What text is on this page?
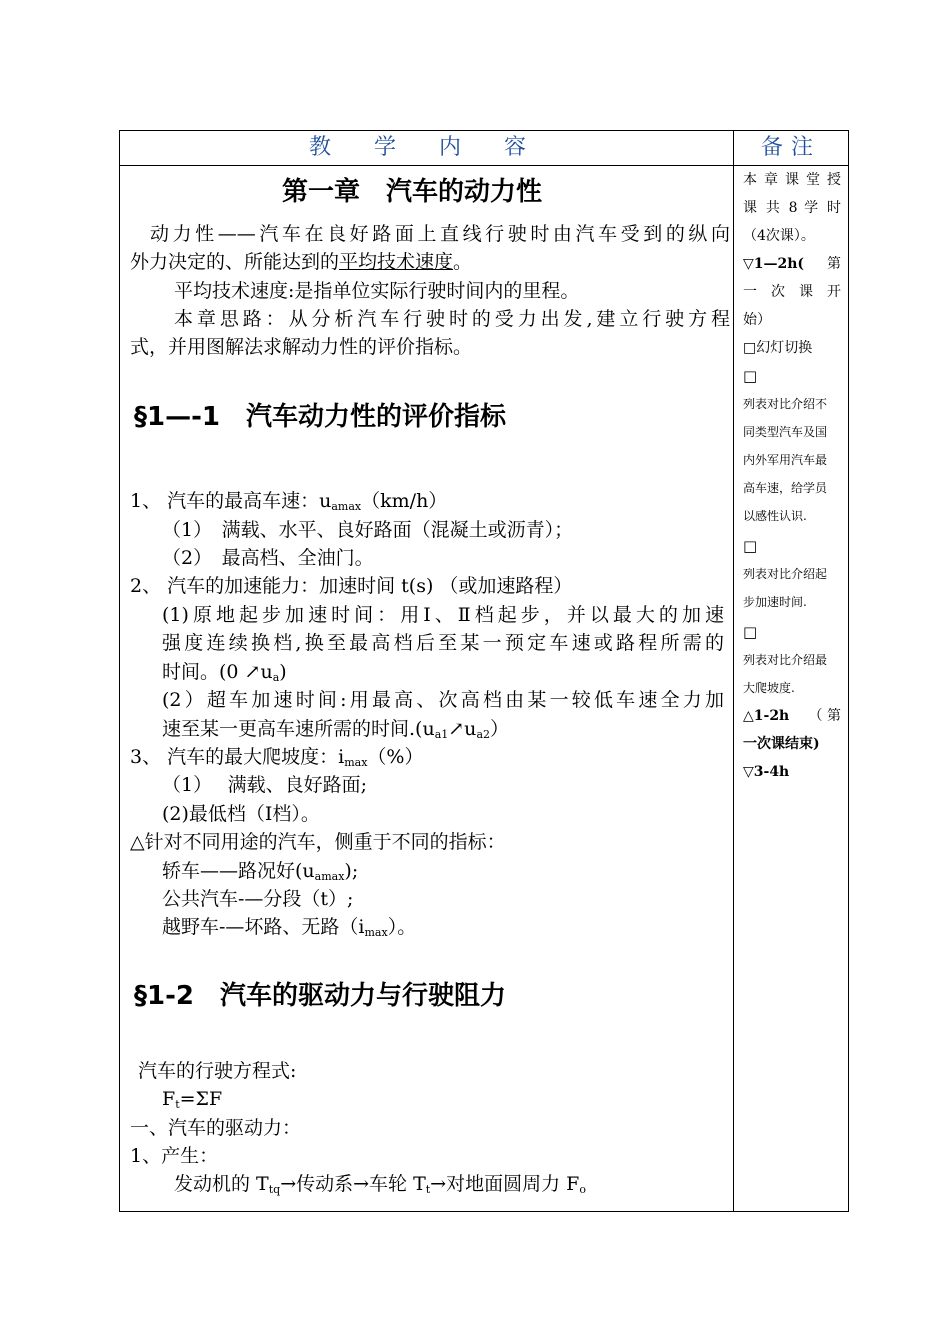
教 学 内 容	备注
第一章　汽车的动力性
动力性——汽车在良好路面上直线行驶时由汽车受到的纵向
外力决定的、所能达到的平均技术速度。
平均技术速度:是指单位实际行驶时间内的里程。
本章思路：从分析汽车行驶时的受力出发,建立行驶方程
式，并用图解法求解动力性的评价指标。
§1—-1　汽车动力性的评价指标
1、 汽车的最高车速：$u_{amax}(km/h)$
（1）　满载、水平、良好路面（混凝土或沥青）；
（2）　最高档、全油门。
2、 汽车的加速能力：加速时间 t(s) （或加速路程）
(1)原地起步加速时间：用Ⅰ、Ⅱ档起步，并以最大的加速
强度连续换档,换至最高档后至某一预定车速或路程所需的
时间。(0 $↗u_a$)
(2）超车加速时间:用最高、次高档由某一较低车速全力加
速至某一更高车速所需的时间$.(u_{a1}↗u_{a2})$
3、 汽车的最大爬坡度：$i_{max}(\%)$
（1）　 满载、良好路面;
(2)最低档（Ⅰ档）。
△针对不同用途的汽车，侧重于不同的指标：
轿车——路况好$(u_{amax})$;
公共汽车-—分段（t）;
越野车-—坏路、无路$(i_{max})$。
§1-2　汽车的驱动力与行驶阻力
汽车的行驶方程式:
$F_t=\Sigma F$
一、汽车的驱动力：
1、产生：
发动机的 $T_{tq}\to$传动系→车轮 $T_t\to$对地面圆周力 $F_o$
本 章 课 堂 授
课 共 8 学 时
（4次课）。
▽1—2h( 第
一 次 课 开
始）
□幻灯切换
□
列表对比介绍不
同类型汽车及国
内外军用汽车最
高车速，给学员
以感性认识.
□
列表对比介绍起
步加速时间.
□
列表对比介绍最
大爬坡度.
△1-2h （ 第
一次课结束)
▽3-4h
